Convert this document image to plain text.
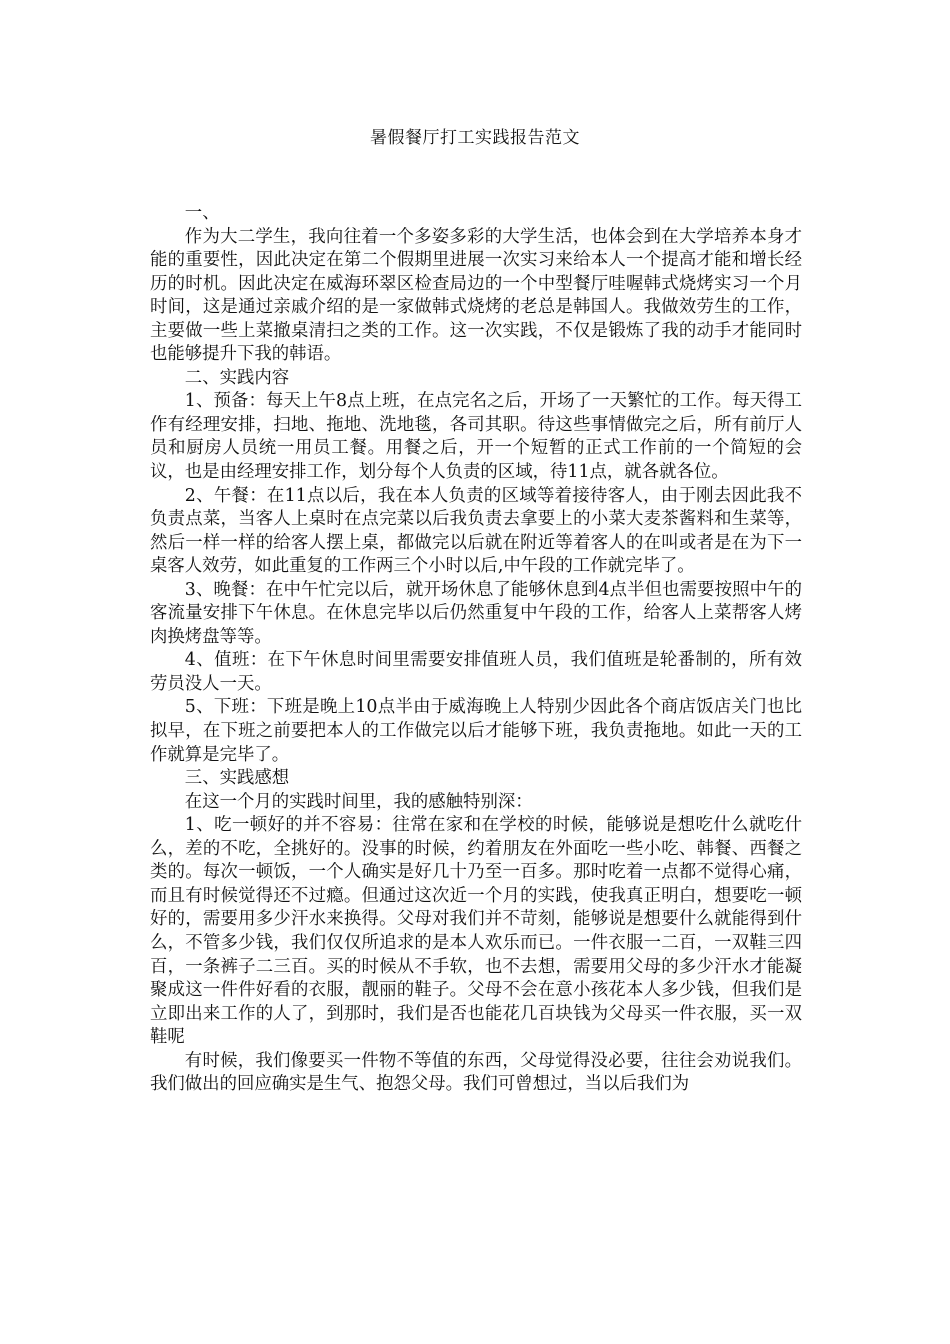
暑假餐厅打工实践报告范文

一、

作为大二学生，我向往着一个多姿多彩的大学生活，也体会到在大学培养本身才能的重要性，因此决定在第二个假期里进展一次实习来给本人一个提高才能和增长经历的时机。因此决定在威海环翠区检查局边的一个中型餐厅哇喔韩式烧烤实习一个月时间，这是通过亲戚介绍的是一家做韩式烧烤的老总是韩国人。我做效劳生的工作，主要做一些上菜撤桌清扫之类的工作。这一次实践，不仅是锻炼了我的动手才能同时也能够提升下我的韩语。

二、实践内容

1、预备：每天上午8点上班，在点完名之后，开场了一天繁忙的工作。每天得工作有经理安排，扫地、拖地、洗地毯，各司其职。待这些事情做完之后，所有前厅人员和厨房人员统一用员工餐。用餐之后，开一个短暂的正式工作前的一个简短的会议，也是由经理安排工作，划分每个人负责的区域，待11点，就各就各位。

2、午餐：在11点以后，我在本人负责的区域等着接待客人，由于刚去因此我不负责点菜，当客人上桌时在点完菜以后我负责去拿要上的小菜大麦茶酱料和生菜等，然后一样一样的给客人摆上桌，都做完以后就在附近等着客人的在叫或者是在为下一桌客人效劳，如此重复的工作两三个小时以后,中午段的工作就完毕了。

3、晚餐：在中午忙完以后，就开场休息了能够休息到4点半但也需要按照中午的客流量安排下午休息。在休息完毕以后仍然重复中午段的工作，给客人上菜帮客人烤肉换烤盘等等。

4、值班：在下午休息时间里需要安排值班人员，我们值班是轮番制的，所有效劳员没人一天。

5、下班：下班是晚上10点半由于威海晚上人特别少因此各个商店饭店关门也比拟早，在下班之前要把本人的工作做完以后才能够下班，我负责拖地。如此一天的工作就算是完毕了。

三、实践感想

在这一个月的实践时间里，我的感触特别深：

1、吃一顿好的并不容易：往常在家和在学校的时候，能够说是想吃什么就吃什么，差的不吃，全挑好的。没事的时候，约着朋友在外面吃一些小吃、韩餐、西餐之类的。每次一顿饭，一个人确实是好几十乃至一百多。那时吃着一点都不觉得心痛，而且有时候觉得还不过瘾。但通过这次近一个月的实践，使我真正明白，想要吃一顿好的，需要用多少汗水来换得。父母对我们并不苛刻，能够说是想要什么就能得到什么，不管多少钱，我们仅仅所追求的是本人欢乐而已。一件衣服一二百，一双鞋三四百，一条裤子二三百。买的时候从不手软，也不去想，需要用父母的多少汗水才能凝聚成这一件件好看的衣服，靓丽的鞋子。父母不会在意小孩花本人多少钱，但我们是立即出来工作的人了，到那时，我们是否也能花几百块钱为父母买一件衣服，买一双鞋呢

有时候，我们像要买一件物不等值的东西，父母觉得没必要，往往会劝说我们。我们做出的回应确实是生气、抱怨父母。我们可曾想过，当以后我们为
